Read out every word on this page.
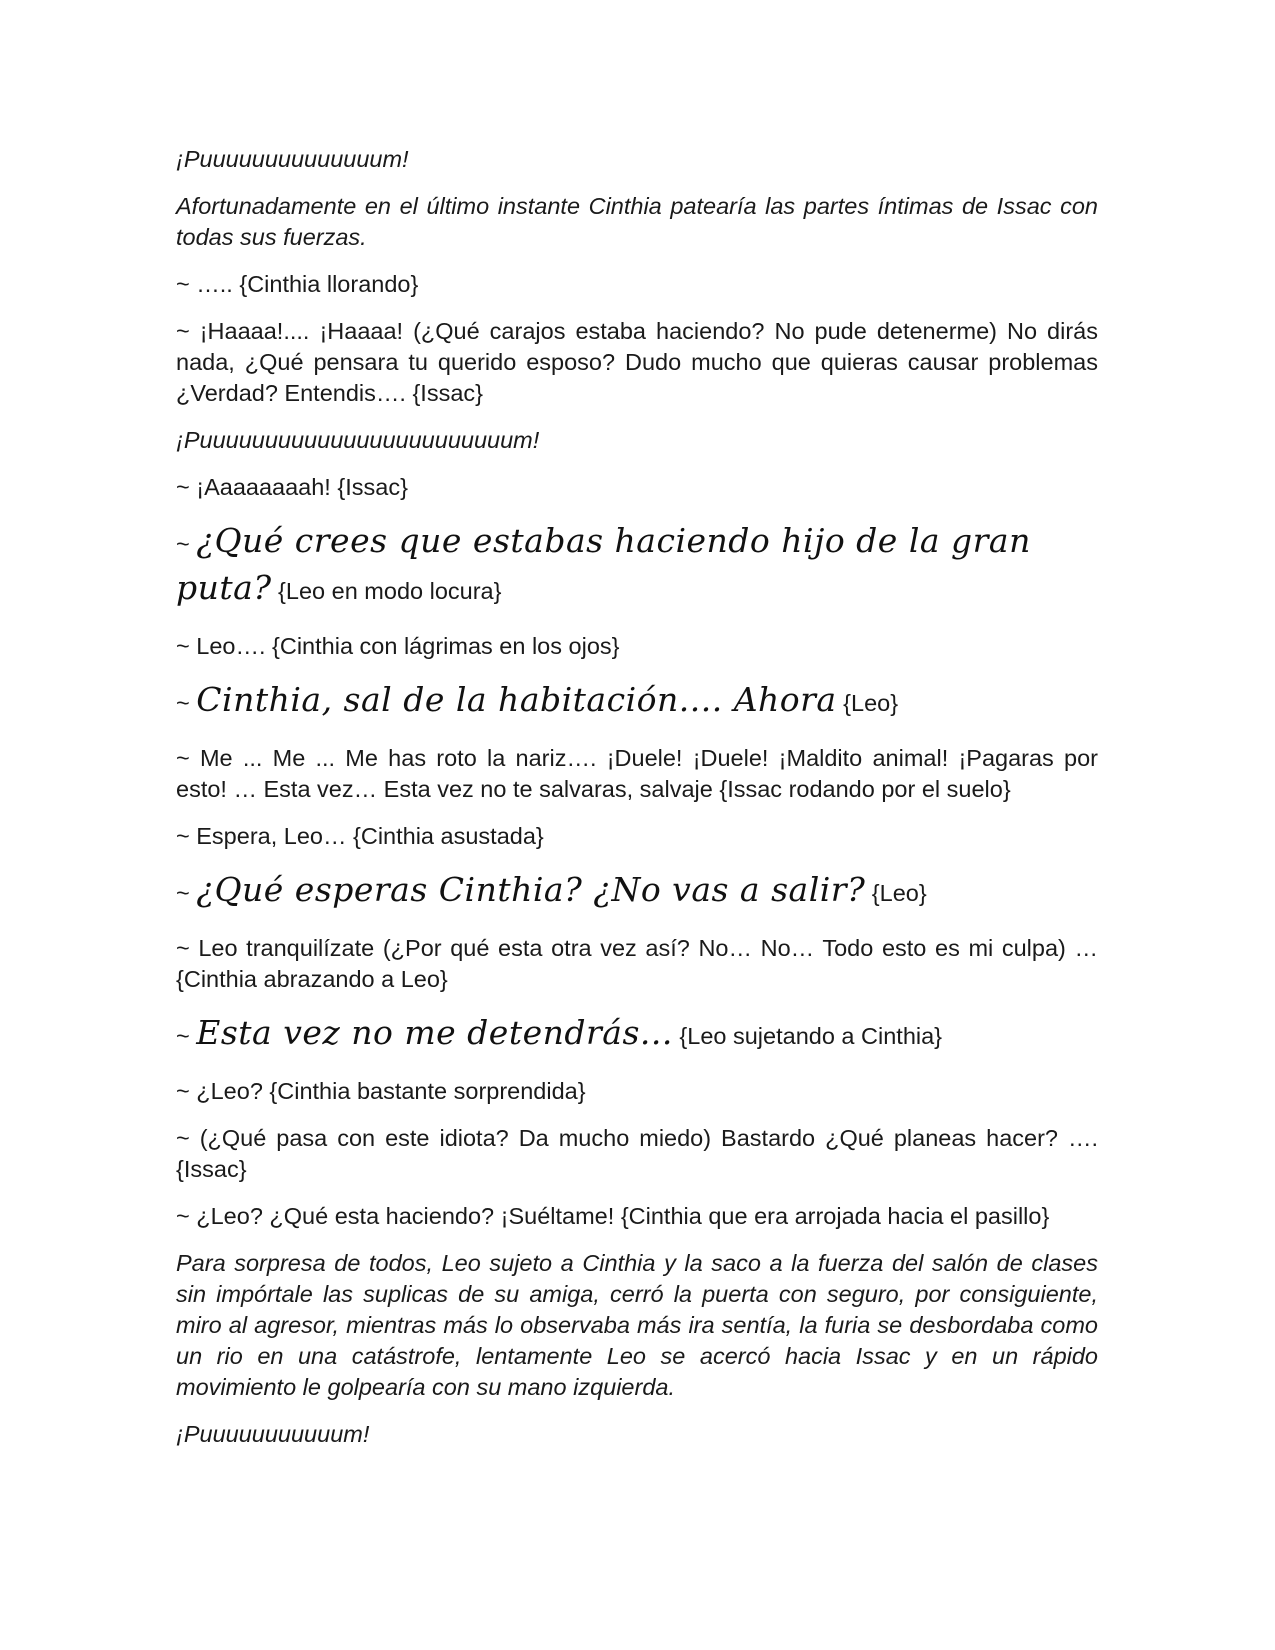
¡Puuuuuuuuuuuuuum!

Afortunadamente en el último instante Cinthia patearía las partes íntimas de Issac con todas sus fuerzas.

~ ….. {Cinthia llorando}

~ ¡Haaaa!.... ¡Haaaa! (¿Qué carajos estaba haciendo? No pude detenerme) No dirás nada, ¿Qué pensara tu querido esposo? Dudo mucho que quieras causar problemas ¿Verdad? Entendis…. {Issac}

¡Puuuuuuuuuuuuuuuuuuuuuuuum!

~ ¡Aaaaaaaah! {Issac}

~ ¿Qué crees que estabas haciendo hijo de la gran puta? {Leo en modo locura}

~ Leo…. {Cinthia con lágrimas en los ojos}

~ Cinthia, sal de la habitación.... Ahora {Leo}

~ Me ... Me ... Me has roto la nariz…. ¡Duele! ¡Duele! ¡Maldito animal! ¡Pagaras por esto! … Esta vez… Esta vez no te salvaras, salvaje {Issac rodando por el suelo}

~ Espera, Leo… {Cinthia asustada}

~ ¿Qué esperas Cinthia? ¿No vas a salir? {Leo}

~ Leo tranquilízate (¿Por qué esta otra vez así? No… No… Todo esto es mi culpa) … {Cinthia abrazando a Leo}

~ Esta vez no me detendrás... {Leo sujetando a Cinthia}

~ ¿Leo? {Cinthia bastante sorprendida}

~ (¿Qué pasa con este idiota? Da mucho miedo) Bastardo ¿Qué planeas hacer? …. {Issac}

~ ¿Leo? ¿Qué esta haciendo? ¡Suéltame! {Cinthia que era arrojada hacia el pasillo}

Para sorpresa de todos, Leo sujeto a Cinthia y la saco a la fuerza del salón de clases sin impórtale las suplicas de su amiga, cerró la puerta con seguro, por consiguiente, miro al agresor, mientras más lo observaba más ira sentía, la furia se desbordaba como un rio en una catástrofe, lentamente Leo se acercó hacia Issac y en un rápido movimiento le golpearía con su mano izquierda.

¡Puuuuuuuuuuum!
